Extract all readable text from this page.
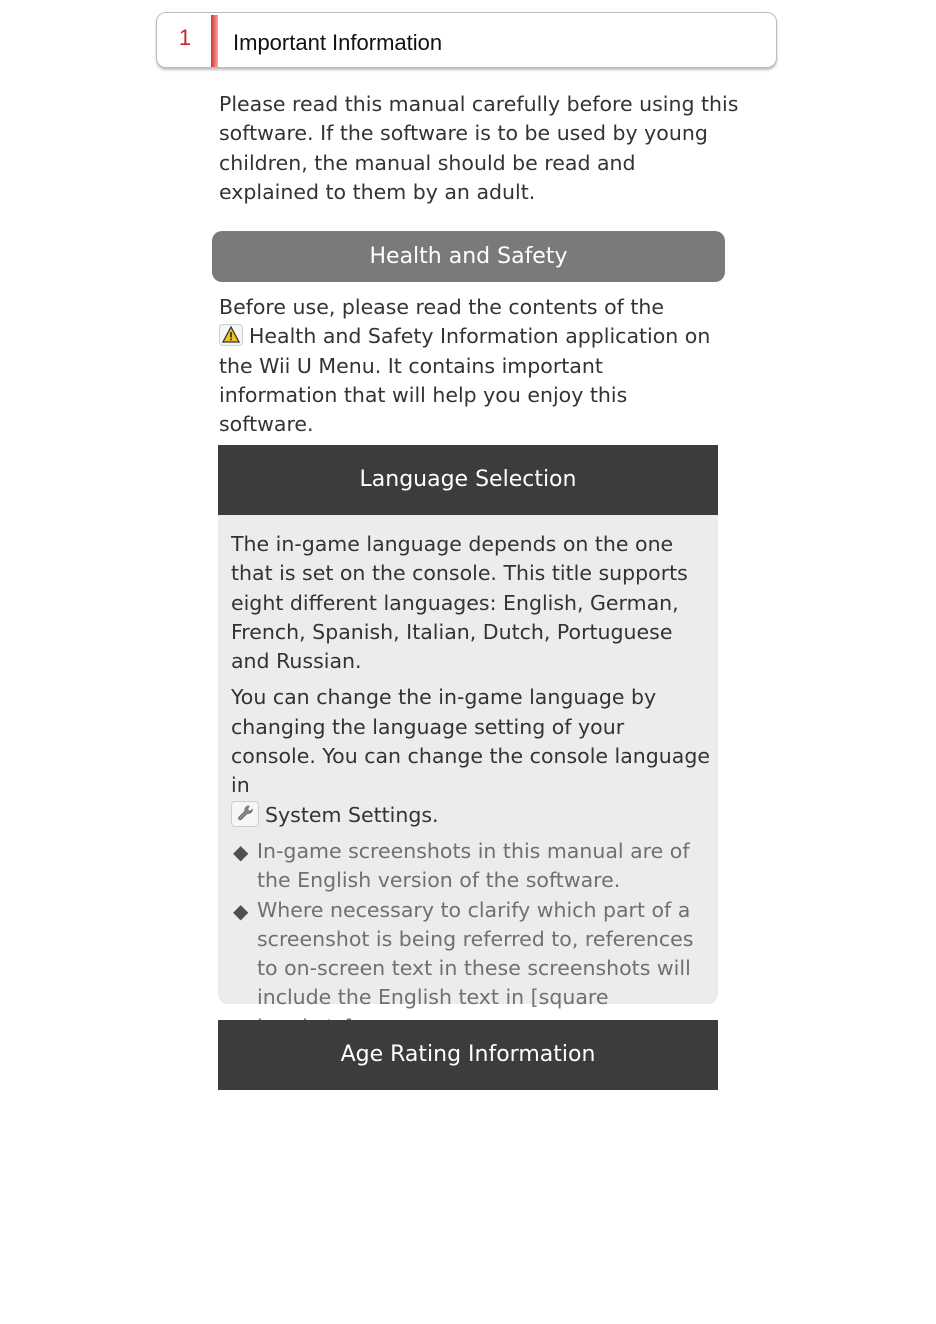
1	Important Information

Please read this manual carefully before using this software. If the software is to be used by young children, the manual should be read and explained to them by an adult.

Health and Safety

Before use, please read the contents of the

Health and Safety Information application on the Wii U Menu. It contains important information that will help you enjoy this software.

Language Selection

The in-game language depends on the one that is set on the console. This title supports eight different languages: English, German, French, Spanish, Italian, Dutch, Portuguese and Russian.

You can change the in-game language by changing the language setting of your console. You can change the console language in

System Settings.

◆ In-game screenshots in this manual are of the English version of the software.

◆ Where necessary to clarify which part of a screenshot is being referred to, references to on-screen text in these screenshots will include the English text in [square

Age Rating Information
